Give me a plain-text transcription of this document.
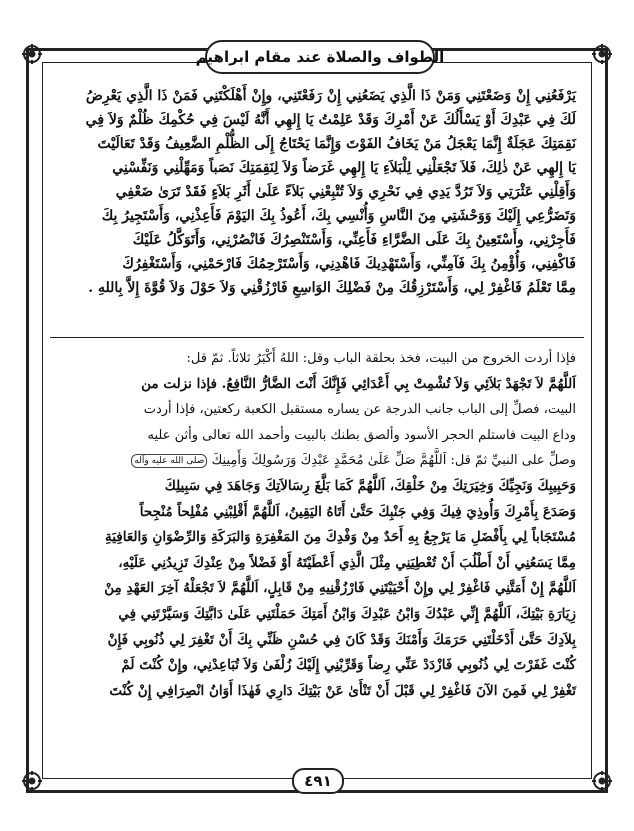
الطواف والصلاة عند مقام ابراهيم

يَرْفَعُنِي إِنْ وَضَعْتَنِي وَمَنْ ذَا الَّذِي يَضَعُنِي إِنْ رَفَعْتَنِي، وإِنْ أَهْلَكْتَنِي فَمَنْ ذَا الَّذِي يَعْرِضُ

لَكَ فِي عَبْدِكَ أَوْ يَسْأَلُكَ عَنْ أَمْرِكَ وَقَدْ عَلِمْتُ يَا إِلهِي أَنَّهُ لَيْسَ فِي حُكْمِكَ ظُلْمٌ وَلاَ فِي

نَقِمَتِكَ عَجَلَةٌ إِنَّمَا يَعْجَلُ مَنْ يَخَافُ الفَوْتَ وَإِنَّمَا يَحْتَاجُ إِلَى الظُّلْمِ الضَّعِيفُ وَقَدْ تَعَالَيْتَ

يَا إِلهِي عَنْ ذٰلِكَ، فَلاَ تَجْعَلْنِي لِلْبَلاَءِ يَا إِلهِي غَرَضاً وَلاَ لِنَقِمَتِكَ نَصَباً وَمَهِّلْنِي وَنَفِّسْنِي

وَأَقِلْنِي عَثْرَتِي وَلاَ تَرُدَّ يَدِي فِي نَحْرِي وَلاَ تُتْبِعْنِي بَلاَءً عَلَىٰ أَثَرِ بَلاَءٍ فَقَدْ تَرَىٰ ضَعْفِي

وَتَضَرُّعِي إِلَيْكَ وَوَحْشَتِي مِنَ النَّاسِ وَأُنْسِي بِكَ، أَعُوذُ بِكَ اليَوْمَ فَأَعِذْنِي، وَأَسْتَجِيرُ بِكَ

فَأَجِرْنِي، وأَسْتَعِينُ بِكَ عَلَى الضَّرَّاءِ فَأَعِنِّي، وَأَسْتَنْصِرُكَ فَانْصُرْنِي، وَأَتَوَكَّلُ عَلَيْكَ

فَاكْفِنِي، وَأُؤْمِنُ بِكَ فَآمِنِّي، وَأَسْتَهْدِيكَ فَاهْدِنِي، وَأَسْتَرْحِمُكَ فَارْحَمْنِي، وَأَسْتَغْفِرُكَ

مِمَّا تَعْلَمُ فَاغْفِرْ لِي، وَأَسْتَرْزِقُكَ مِنْ فَضْلِكَ الوَاسِعِ فَارْزُقْنِي وَلاَ حَوْلَ وَلاَ قُوَّةَ إِلاَّ بِاللهِ .

فإذا أردت الخروج من البيت، فخذ بحلقة الباب وقل: اللهُ أَكْبَرُ ثلاثاً. ثمّ قل:

اَللَّهُمَّ لاَ تَجْهَدْ بَلاَئِي وَلاَ تُشْمِتْ بِي أَعْدَائِي فَإِنَّكَ أَنْتَ الضَّارُّ النَّافِعُ. فإذا نزلت من

البيت، فصلِّ إلى الباب جانب الدرجة عن يساره مستقبل الكعبة ركعتين، فإذا أردت

وداع البيت فاستلم الحجر الأسود وألصق بطنك بالبيت وأحمد الله تعالى وأثن عليه

وصلِّ على النبيِّ ثمّ قل: اَللَّهُمَّ صَلِّ عَلَىٰ مُحَمَّدٍ عَبْدِكَ وَرَسُولِكَ وَأَمِينِكَ صلى الله عليه وآله

وَحَبِيبِكَ وَنَجِيِّكَ وَخِيَرَتِكَ مِنْ خَلْقِكَ، اَللَّهُمَّ كَمَا بَلَّغَ رِسَالاَتِكَ وَجَاهَدَ فِي سَبِيلِكَ

وَصَدَعَ بِأَمْرِكَ وَأُوذِيَ فِيكَ وَفِي جَنْبِكَ حَتَّىٰ أَتَاهُ اليَقِينُ، اَللَّهُمَّ أَقْلِبْنِي مُفْلِحاً مُنْجِحاً

مُسْتَجَاباً لِي بِأَفْضَلِ مَا يَرْجِعُ بِهِ أَحَدٌ مِنْ وَفْدِكَ مِنَ المَغْفِرَةِ وَالبَرَكَةِ وَالرِّضْوَانِ وَالعَافِيَةِ

مِمَّا يَسَعُنِي أَنْ أَطْلُبَ أَنْ تُعْطِيَنِي مِثْلَ الَّذِي أَعْطَيْتَهُ أَوْ فَضْلاً مِنْ عِنْدِكَ تَزِيدُنِي عَلَيْهِ،

اَللَّهُمَّ إِنْ أَمَتَّنِي فَاغْفِرْ لِي وإِنْ أَحْيَيْتَنِي فَارْزُقْنِيهِ مِنْ قَابِلٍ، اَللَّهُمَّ لاَ تَجْعَلْهُ آخِرَ العَهْدِ مِنْ

زِيَارَةِ بَيْتِكَ، اَللَّهُمَّ إِنِّي عَبْدُكَ وَابْنُ عَبْدِكَ وَابْنُ أَمَتِكَ حَمَلْتَنِي عَلَىٰ دَابَّتِكَ وَسَيَّرْتَنِي فِي

بِلاَدِكَ حَتَّىٰ أَدْخَلْتَنِي حَرَمَكَ وَأَمْنَكَ وَقَدْ كَانَ فِي حُسْنِ ظَنِّي بِكَ أَنْ تَغْفِرَ لِي ذُنُوبِي فَإِنْ

كُنْتَ غَفَرْتَ لِي ذُنُوبِي فَازْدَدْ عَنِّي رِضاً وَقَرِّبْنِي إِلَيْكَ زُلْفَىٰ وَلاَ تُبَاعِدْنِي، وإِنْ كُنْتَ لَمْ

تَغْفِرْ لِي فَمِنَ الآنَ فَاغْفِرْ لِي قَبْلَ أَنْ تَنْأَىٰ عَنْ بَيْتِكَ دَارِي فَهٰذَا أَوَانُ انْصِرَافِي إِنْ كُنْتَ

٤٩١
